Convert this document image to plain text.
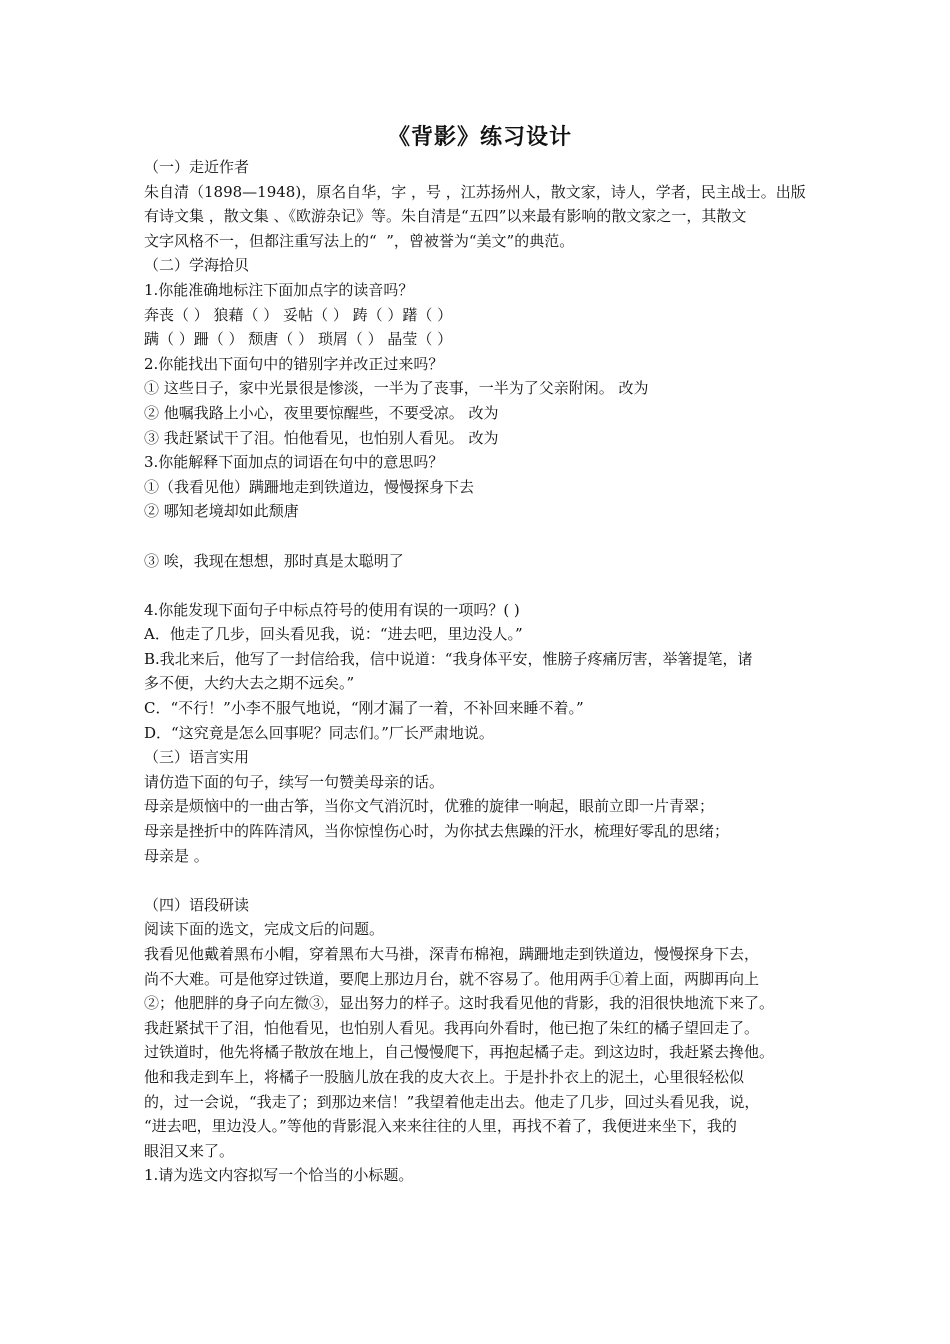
《背影》练习设计

（一）走近作者

朱自清（1898—1948)，原名自华，字 ，号 ，江苏扬州人，散文家，诗人，学者，民主战士。出版

有诗文集 ，散文集 、《欧游杂记》等。朱自清是“五四”以来最有影响的散文家之一，其散文

文字风格不一，但都注重写法上的“  ”，曾被誉为“美文”的典范。

（二）学海拾贝

1.你能准确地标注下面加点字的读音吗？

奔丧（ ） 狼藉（ ） 妥帖（ ） 踌（ ）躇（ ）

蹒（ ）跚（ ） 颓唐（ ） 琐屑（ ） 晶莹（ ）

2.你能找出下面句中的错别字并改正过来吗？

① 这些日子，家中光景很是惨淡，一半为了丧事，一半为了父亲附闲。 改为

② 他嘱我路上小心，夜里要惊醒些，不要受凉。 改为

③ 我赶紧试干了泪。怕他看见，也怕别人看见。 改为

3.你能解释下面加点的词语在句中的意思吗？

①（我看见他）蹒跚地走到铁道边，慢慢探身下去

② 哪知老境却如此颓唐

③ 唉，我现在想想，那时真是太聪明了

4.你能发现下面句子中标点符号的使用有误的一项吗？( )

A．他走了几步，回头看见我，说：“进去吧，里边没人。”

B.我北来后，他写了一封信给我，信中说道：“我身体平安，惟膀子疼痛厉害，举箸提笔，诸

多不便，大约大去之期不远矣。”

C．“不行！”小李不服气地说，“刚才漏了一着，不补回来睡不着。”

D．“这究竟是怎么回事呢？同志们。”厂长严肃地说。

（三）语言实用

请仿造下面的句子，续写一句赞美母亲的话。

母亲是烦恼中的一曲古筝，当你文气消沉时，优雅的旋律一响起，眼前立即一片青翠；

母亲是挫折中的阵阵清风，当你惊惶伤心时，为你拭去焦躁的汗水，梳理好零乱的思绪；

母亲是 。

（四）语段研读

阅读下面的选文，完成文后的问题。

我看见他戴着黑布小帽，穿着黑布大马褂，深青布棉袍，蹒跚地走到铁道边，慢慢探身下去，

尚不大难。可是他穿过铁道，要爬上那边月台，就不容易了。他用两手①着上面，两脚再向上

②；他肥胖的身子向左微③，显出努力的样子。这时我看见他的背影，我的泪很快地流下来了。

我赶紧拭干了泪，怕他看见，也怕别人看见。我再向外看时，他已抱了朱红的橘子望回走了。

过铁道时，他先将橘子散放在地上，自己慢慢爬下，再抱起橘子走。到这边时，我赶紧去搀他。

他和我走到车上，将橘子一股脑儿放在我的皮大衣上。于是扑扑衣上的泥土，心里很轻松似

的，过一会说，“我走了；到那边来信！”我望着他走出去。他走了几步，回过头看见我，说，

“进去吧，里边没人。”等他的背影混入来来往往的人里，再找不着了，我便进来坐下，我的

眼泪又来了。

1.请为选文内容拟写一个恰当的小标题。
